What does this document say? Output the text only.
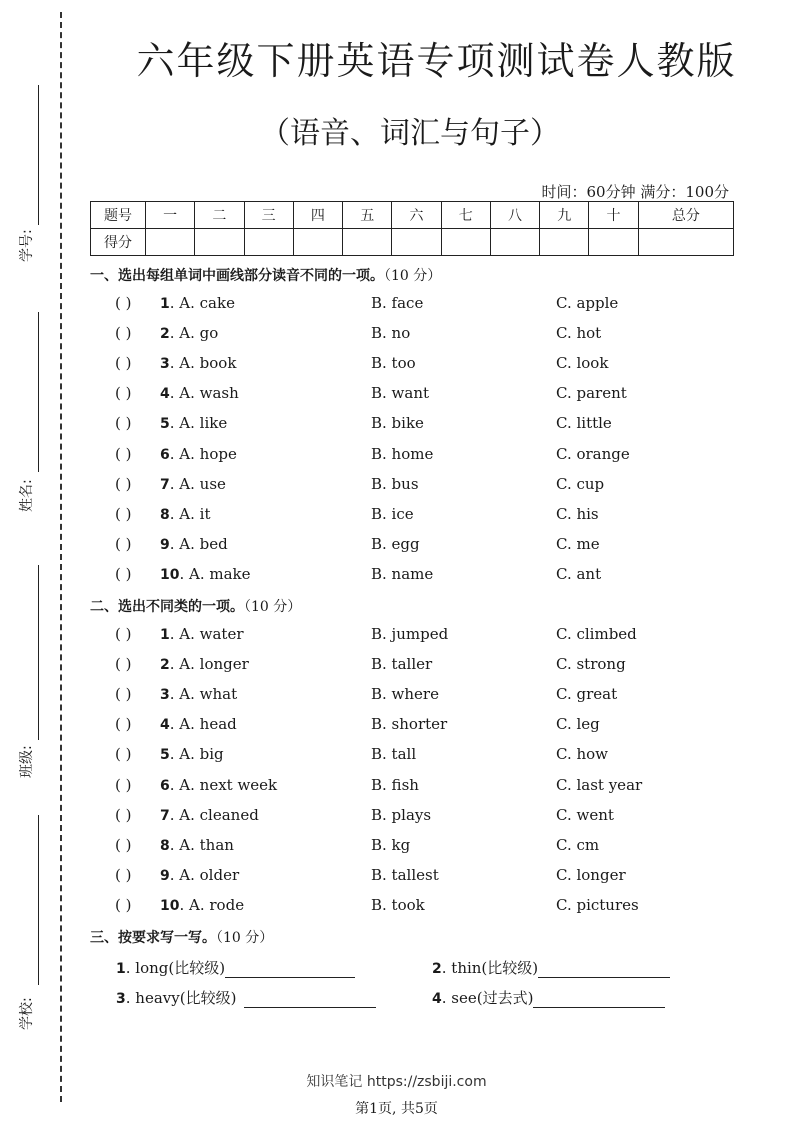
学号:
姓名:
班级:
学校:
六年级下册英语专项测试卷人教版
（语音、词汇与句子）
时间：60分钟 满分：100分
题号	一	二	三	四	五	六	七	八	九	十	总分
得分											
一、选出每组单词中画线部分读音不同的一项。（10 分）
( ) 1. A. cake	B. face	C. apple
( ) 2. A. go	B. no	C. hot
( ) 3. A. book	B. too	C. look
( ) 4. A. wash	B. want	C. parent
( ) 5. A. like	B. bike	C. little
( ) 6. A. hope	B. home	C. orange
( ) 7. A. use	B. bus	C. cup
( ) 8. A. it	B. ice	C. his
( ) 9. A. bed	B. egg	C. me
( ) 10. A. make	B. name	C. ant
二、选出不同类的一项。（10 分）
( ) 1. A. water	B. jumped	C. climbed
( ) 2. A. longer	B. taller	C. strong
( ) 3. A. what	B. where	C. great
( ) 4. A. head	B. shorter	C. leg
( ) 5. A. big	B. tall	C. how
( ) 6. A. next week	B. fish	C. last year
( ) 7. A. cleaned	B. plays	C. went
( ) 8. A. than	B. kg	C. cm
( ) 9. A. older	B. tallest	C. longer
( ) 10. A. rode	B. took	C. pictures
三、按要求写一写。（10 分）
1. long(比较级)	2. thin(比较级)
3. heavy(比较级)	4. see(过去式)
知识笔记 https://zsbiji.com
第1页, 共5页
